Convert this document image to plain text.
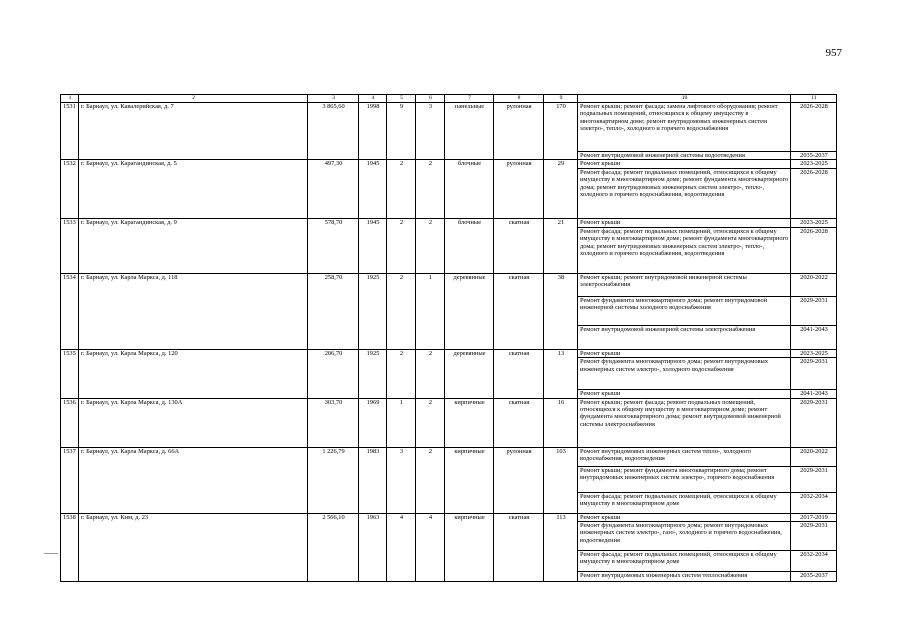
957
1	2	3	4	5	6	7	8	9	10	11
1531	г. Барнаул, ул. Кавалерийская, д. 7	3 865,60	1998	9	3	панельные	рулонная	170	Ремонт крыши; ремонт фасада; замена лифтового оборудования; ремонт подвальных помещений, относящихся к общему имуществу в многоквартирном доме; ремонт внутридомовых инженерных систем электро-, тепло-, холодного и горячего водоснабжения	2026-2028
									Ремонт внутридомовой инженерной системы водоотведения	2035-2037
1532	г. Барнаул, ул. Карагандинская, д. 5	497,30	1945	2	2	блочные	рулонная	29	Ремонт крыши	2023-2025
									Ремонт фасада; ремонт подвальных помещений, относящихся к общему имуществу в многоквартирном доме; ремонт фундамента многоквартирного дома; ремонт внутридомовых инженерных систем электро-, тепло-, холодного и горячего водоснабжения, водоотведения	2026-2028
1533	г. Барнаул, ул. Карагандинская, д. 9	578,70	1945	2	2	блочные	скатная	21	Ремонт крыши	2023-2025
									Ремонт фасада; ремонт подвальных помещений, относящихся к общему имуществу в многоквартирном доме; ремонт фундамента многоквартирного дома; ремонт внутридомовых инженерных систем электро-, тепло-, холодного и горячего водоснабжения, водоотведения	2026-2028
1534	г. Барнаул, ул. Карла Маркса, д. 118	258,70	1925	2	1	деревянные	скатная	38	Ремонт крыши; ремонт внутридомовой инженерной системы электроснабжения	2020-2022
									Ремонт фундамента многоквартирного дома; ремонт внутридомовой инженерной системы холодного водоснабжения	2029-2031
									Ремонт внутридомовой инженерной системы электроснабжения	2041-2043
1535	г. Барнаул, ул. Карла Маркса, д. 120	206,70	1925	2	2	деревянные	скатная	13	Ремонт крыши	2023-2025
									Ремонт фундамента многоквартирного дома; ремонт внутридомовых инженерных систем электро-, холодного водоснабжения	2029-2031
									Ремонт крыши	2041-2043
1536	г. Барнаул, ул. Карла Маркса, д. 130А	303,70	1969	1	2	кирпичные	скатная	16	Ремонт крыши; ремонт фасада; ремонт подвальных помещений, относящихся к общему имуществу в многоквартирном доме; ремонт фундамента многоквартирного дома; ремонт внутридомовой инженерной системы электроснабжения	2029-2031
1537	г. Барнаул, ул. Карла Маркса, д. 66А	1 226,79	1983	3	2	кирпичные	рулонная	103	Ремонт внутридомовых инженерных систем тепло-, холодного водоснабжения, водоотведения	2020-2022
									Ремонт крыши; ремонт фундамента многоквартирного дома; ремонт внутридомовых инженерных систем электро-, горячего водоснабжения	2029-2031
									Ремонт фасада; ремонт подвальных помещений, относящихся к общему имуществу в многоквартирном доме	2032-2034
1538	г. Барнаул, ул. Ким, д. 23	2 566,10	1963	4	4	кирпичные	скатная	113	Ремонт крыши	2017-2019
									Ремонт фундамента многоквартирного дома; ремонт внутридомовых инженерных систем электро-, газо-, холодного и горячего водоснабжения, водоотведения	2029-2031
									Ремонт фасада; ремонт подвальных помещений, относящихся к общему имуществу в многоквартирном доме	2032-2034
									Ремонт внутридомовых инженерных систем теплоснабжения	2035-2037
